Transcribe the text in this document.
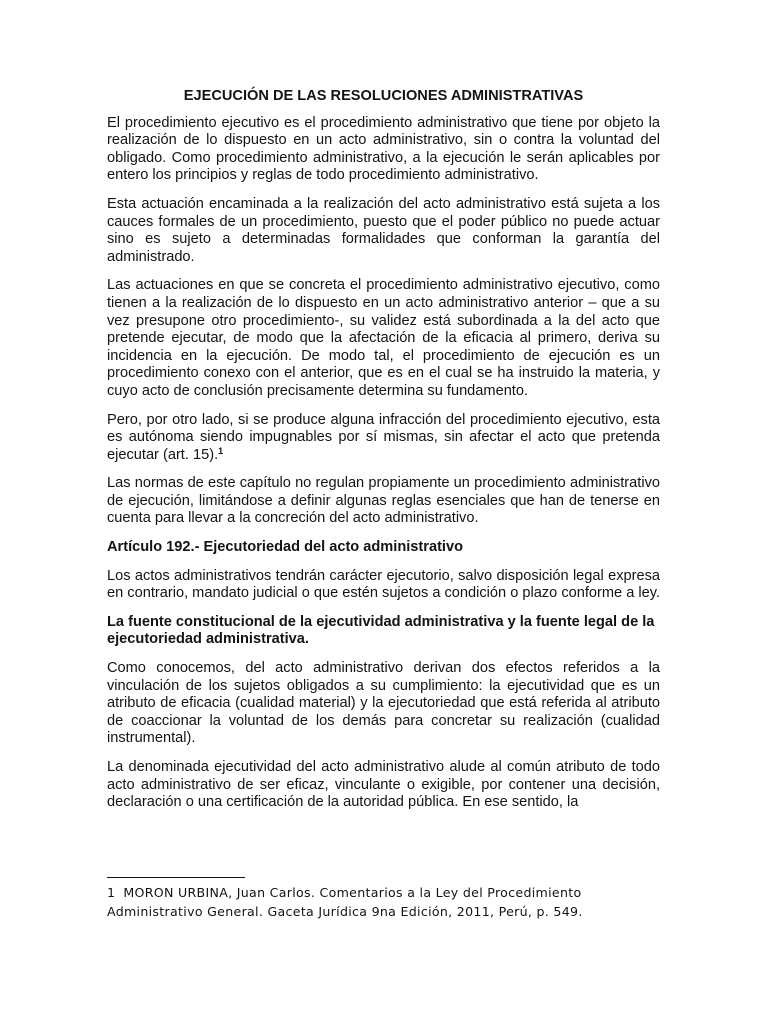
EJECUCIÓN DE LAS RESOLUCIONES ADMINISTRATIVAS

El procedimiento ejecutivo es el procedimiento administrativo que tiene por objeto la realización de lo dispuesto en un acto administrativo, sin o contra la voluntad del obligado. Como procedimiento administrativo, a la ejecución le serán aplicables por entero los principios y reglas de todo procedimiento administrativo.

Esta actuación encaminada a la realización del acto administrativo está sujeta a los cauces formales de un procedimiento, puesto que el poder público no puede actuar sino es sujeto a determinadas formalidades que conforman la garantía del administrado.

Las actuaciones en que se concreta el procedimiento administrativo ejecutivo, como tienen a la realización de lo dispuesto en un acto administrativo anterior – que a su vez presupone otro procedimiento-, su validez está subordinada a la del acto que pretende ejecutar, de modo que la afectación de la eficacia al primero, deriva su incidencia en la ejecución. De modo tal, el procedimiento de ejecución es un procedimiento conexo con el anterior, que es en el cual se ha instruido la materia, y cuyo acto de conclusión precisamente determina su fundamento.

Pero, por otro lado, si se produce alguna infracción del procedimiento ejecutivo, esta es autónoma siendo impugnables por sí mismas, sin afectar el acto que pretenda ejecutar (art. 15).$^1$

Las normas de este capítulo no regulan propiamente un procedimiento administrativo de ejecución, limitándose a definir algunas reglas esenciales que han de tenerse en cuenta para llevar a la concreción del acto administrativo.

Artículo 192.- Ejecutoriedad del acto administrativo

Los actos administrativos tendrán carácter ejecutorio, salvo disposición legal expresa en contrario, mandato judicial o que estén sujetos a condición o plazo conforme a ley.

La fuente constitucional de la ejecutividad administrativa y la fuente legal de la ejecutoriedad administrativa.

Como conocemos, del acto administrativo derivan dos efectos referidos a la vinculación de los sujetos obligados a su cumplimiento: la ejecutividad que es un atributo de eficacia (cualidad material) y la ejecutoriedad que está referida al atributo de coaccionar la voluntad de los demás para concretar su realización (cualidad instrumental).

La denominada ejecutividad del acto administrativo alude al común atributo de todo acto administrativo de ser eficaz, vinculante o exigible, por contener una decisión, declaración o una certificación de la autoridad pública. En ese sentido, la

1 MORON URBINA, Juan Carlos. Comentarios a la Ley del Procedimiento Administrativo General. Gaceta Jurídica 9na Edición, 2011, Perú, p. 549.
